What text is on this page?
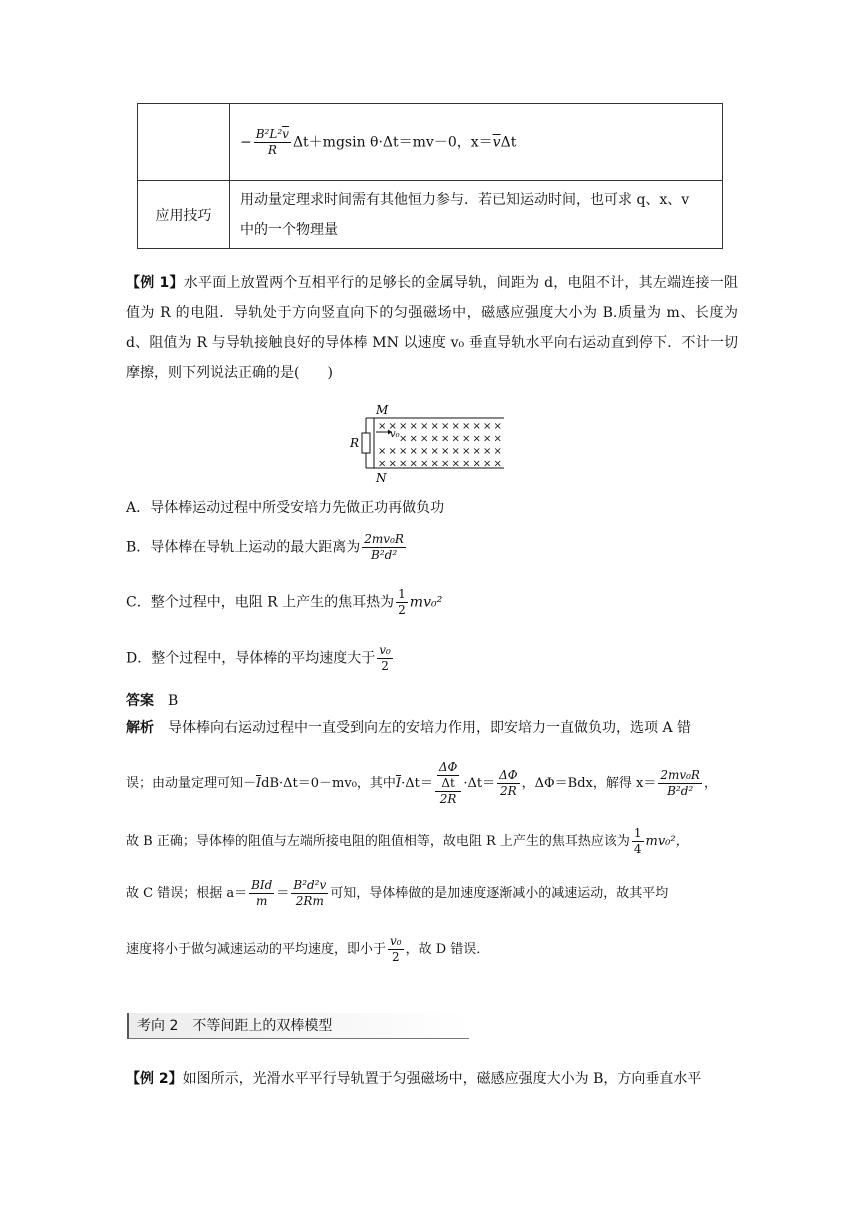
	− $\frac{B^2L^2\overline{v}}{R} \Delta t+mgsin$ θ·Δt＝mv－0，$x=\overline{v}\Delta t$
应用技巧	用动量定理求时间需有其他恒力参与．若已知运动时间，也可求 q、x、v
中的一个物理量
【例 1】水平面上放置两个互相平行的足够长的金属导轨，间距为 d，电阻不计，其左端连接一阻值为 R 的电阻．导轨处于方向竖直向下的匀强磁场中，磁感应强度大小为 B.质量为 m、长度为 d、阻值为 R 与导轨接触良好的导体棒 MN 以速度 v₀ 垂直导轨水平向右运动直到停下．不计一切摩擦，则下列说法正确的是(　　)
M
N
R
× × × × × × × × × × × ×
× × × × × × × × × ×
× × × × × × × × × × × ×
× × × × × × × × × × × ×
v₀
A．导体棒运动过程中所受安培力先做正功再做负功
B．导体棒在导轨上运动的最大距离为 $\frac{\text{2mv₀R}}{\text{B²d²}}$
C．整个过程中，电阻 R 上产生的焦耳热为 $\frac{1}{2} mv_0^2$
D．整个过程中，导体棒的平均速度大于 $\frac{\text{v₀}}{2}$
答案　 B
解析　 导体棒向右运动过程中一直受到向左的安培力作用，即安培力一直做负功，选项 A 错
误；由动量定理可知$-\overline{I}dB\cdot\Delta t=0-mv_0$，其中$\overline{I}\cdot\Delta t= \frac{\frac{\Delta\Phi}{\Delta t}}{2R} \cdot\Delta t= \frac{\Delta\Phi}{2R}$ ，ΔΦ＝Bdx，解得 $x= \frac{\text{2mv₀R}}{\text{B²d²}}$ ，
故 B 正确；导体棒的阻值与左端所接电阻的阻值相等，故电阻 R 上产生的焦耳热应该为 $\frac{1}{4} mv_0^2$，
故 C 错误；根据 $a= \frac{\text{BId}}{m} = \frac{\text{B²d²v}}{2Rm}$ 可知，导体棒做的是加速度逐渐减小的减速运动，故其平均
速度将小于做匀减速运动的平均速度，即小于 $\frac{\text{v₀}}{2}$ ，故 D 错误．
考向 2　不等间距上的双棒模型
【例 2】如图所示，光滑水平平行导轨置于匀强磁场中，磁感应强度大小为 B，方向垂直水平
